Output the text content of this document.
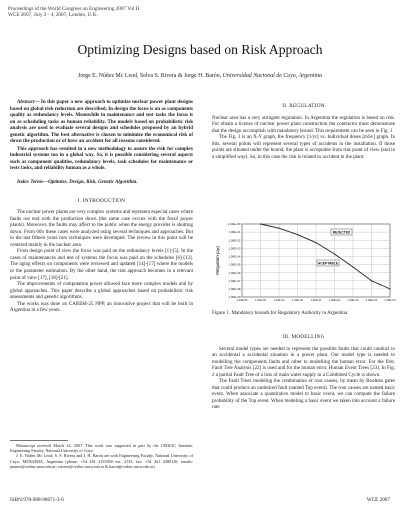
Proceedings of the World Congress on Engineering 2007 Vol II
WCE 2007, July 2 - 4, 2007, London, U.K.
Optimizing Designs based on Risk Approach
Jorge E. Núñez Mc Leod, Selva S. Rivera & Jorge H. Barón, Universidad Nacional de Cuyo, Argentina

Abstract— In this paper a new approach to optimize nuclear power plant designs based on global risk reduction are described, In design the focus is on as components quality as redundancy levels. Meanwhile in maintenance and test tasks the focus is on as scheduling tasks as human reliability. The models based on probabilistic risk analysis are used to evaluate several designs and schedules proposed by an hybrid genetic algorithm. The best alternative is chosen to minimize the economical risk of down the production or of have an accident for all reasons considered.

This approach has resulted in a new methodology to assure the risk for complex industrial systems too in a global way. So, it is possible considering several aspects such as component qualities, redundancy levels, task schedules for maintenance or tests tasks, and reliability human as a whole.

Index Terms—Optimize, Design, Risk, Genetic Algorithm.

I. INTRODUCTION

The nuclear power plants are very complex systems and represent especial cases where faults not end with the production down (the same case occurs with the fossil power plants). Moreover, the faults may affect to the public when the energy provider is shutting down. From 60's these cases were analyzed using several techniques and approaches. But in the last fifteen years new techniques were developed. The review in this point will be centered mainly in the nuclear area.

From design point of view the focus was paid on the redundancy levels [1]-[5]. In the cases of maintenances and test of systems the focus was paid on the schedules [6]-[13]. The aging effects on components were reviewed and updated [14]-[17] where the models or the parameter estimation. By the other hand, the risk approach becomes in a relevant point of view [17], [18]-[21].

The improvements of computation power allowed face more complex models and by global approaches. This paper describe a global approaches based on probabilistic risk assessments and genetic algorithms.

The works was done on CAREM-25 NPP, an innovative project that will be built in Argentina in a few years.

Manuscript received March 22, 2007. This work was supported in part by the CEDIAC Institute, Engineering Faculty, National University of Cuyo.

J. E. Núñez Mc Leod, S. S. Rivera and J. H. Barón are with Engineering Faculty, National University of Cuyo, M5502JMA, Argentina (phone: +54 261 4135000 ext. 2135; fax: +54 261 4380120; emails: jnunez@cediac.uncu.edu.ar; srivera@cediac.uncu.edu.ar & baron@cediac.uncu.edu.ar).

II. REGULATION

Nuclear area has a very stringent regulation. In Argentina the regulation is based on risk. For obtain a license of nuclear power plant construction the contractor must demonstrate that the design accomplish with mandatory bound. This requirement can be seen in Fig. 1

The Fig. 1 is an X-Y graph, the frequency [1/yr] vs. Individual doses [mSv] graph. In this, several points will represent several types of accidents in the installation. If those points are situated under the bound, the plant is acceptable from risk point of view (and in a simplified way). So, in this case the risk is related to accident in the plant.

1,00E+00
1,00E-01
1,00E-02
1,00E-03
1,00E-04
1,00E-05
1,00E-06
1,00E-07
1,00E-08
1,00E-09
1,00E-05	1,00E-04	1,00E-03	1,00E-02	1,00E-01	1,00E+00	1,00E+01	1,00E+02	1,00E+03
FREQUENCY [1/yr]
REJECTED
ACEPTABLE
Figure 1. Mandatory bounds for Regulatory Authority in Argentina

III. MODELLING

Several model types are needed to represent the possible faults that could conduct to an accidental a accidental situation in a power plant. Our model type is needed to modelling the components faults and other to modelling the human error. For the first, Fault Tree Analysis [22] is used and for the human error, Human Event Trees [23]. In Fig. 2 a partial Fault Tree of a loss of main water supply in a Combined Cycle is shown.

The Fault Trees modeling the combination of root causes, by mean by Boolean gates that could produce an undesired fault (named Top event). The root causes are named basic event. When associate a quantitative model to basic event, we can compute the failure probability of the Top event. When modeling a basic event we taken into account a failure rate

ISBN:978-988-98671-2-6	WCE 2007
